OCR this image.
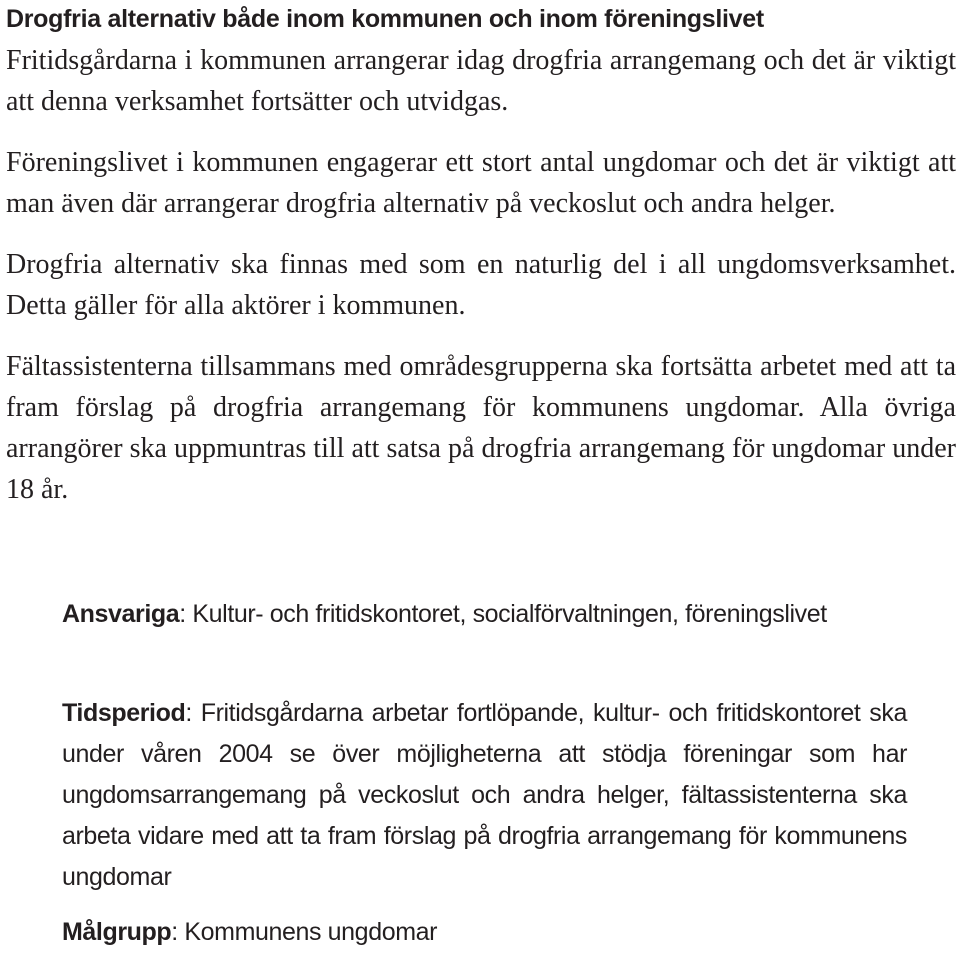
Drogfria alternativ både inom kommunen och inom föreningslivet

Fritidsgårdarna i kommunen arrangerar idag drogfria arrangemang och det är viktigt att denna verksamhet fortsätter och utvidgas.

Föreningslivet i kommunen engagerar ett stort antal ungdomar och det är viktigt att man även där arrangerar drogfria alternativ på veckoslut och andra helger.

Drogfria alternativ ska finnas med som en naturlig del i all ungdomsverksamhet. Detta gäller för alla aktörer i kommunen.

Fältassistenterna tillsammans med områdesgrupperna ska fortsätta arbetet med att ta fram förslag på drogfria arrangemang för kommunens ungdomar. Alla övriga arrangörer ska uppmuntras till att satsa på drogfria arrangemang för ungdomar under 18 år.

Ansvariga: Kultur- och fritidskontoret, socialförvaltningen, föreningslivet

Tidsperiod: Fritidsgårdarna arbetar fortlöpande, kultur- och fritidskontoret ska under våren 2004 se över möjligheterna att stödja föreningar som har ungdomsarrangemang på veckoslut och andra helger, fältassistenterna ska arbeta vidare med att ta fram förslag på drogfria arrangemang för kommunens ungdomar

Målgrupp: Kommunens ungdomar
